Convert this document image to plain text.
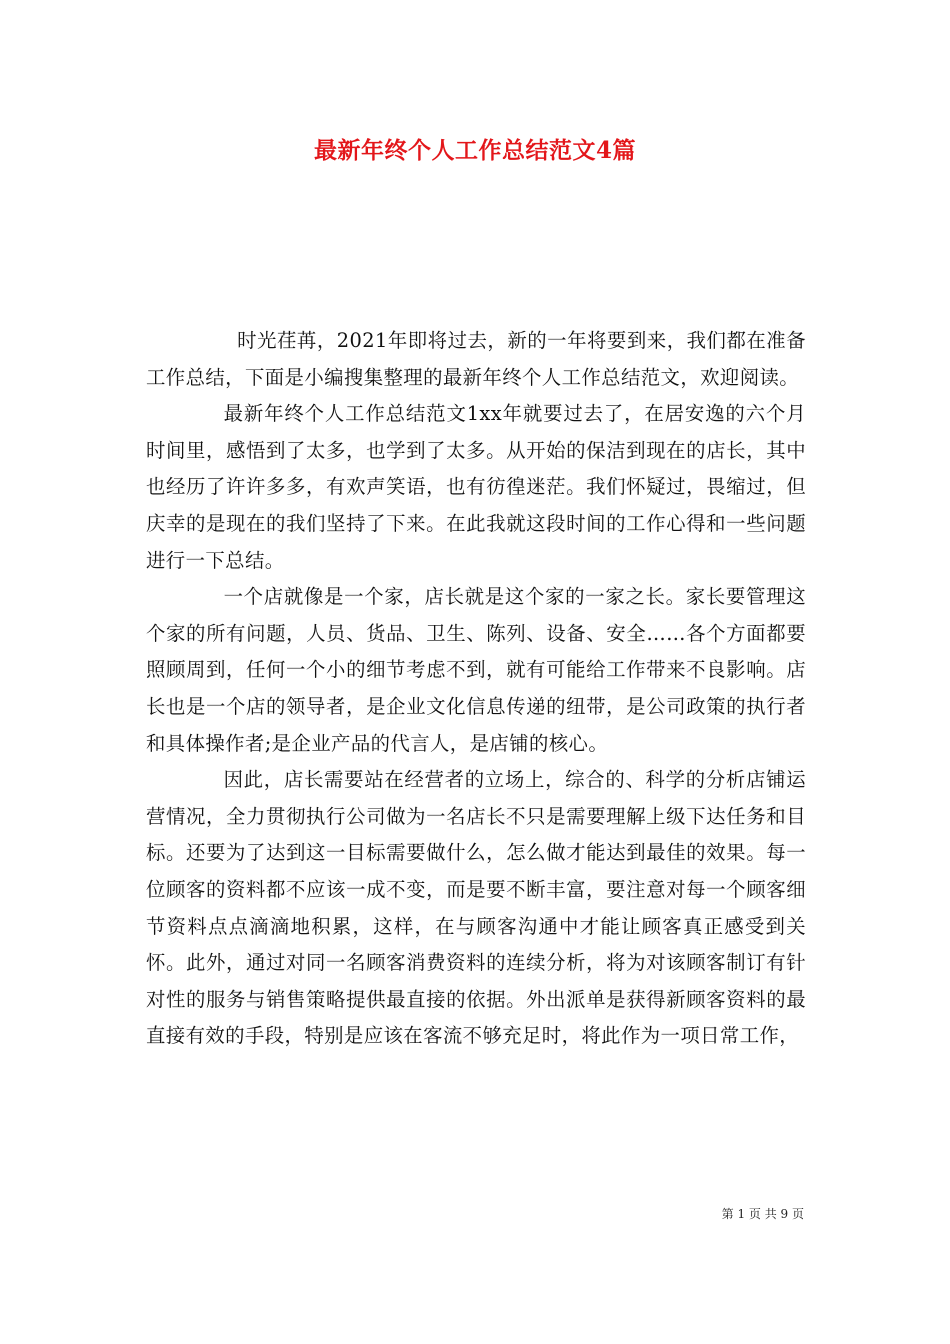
最新年终个人工作总结范文4篇

时光荏苒，2021年即将过去，新的一年将要到来，我们都在准备工作总结，下面是小编搜集整理的最新年终个人工作总结范文，欢迎阅读。

最新年终个人工作总结范文1xx年就要过去了，在居安逸的六个月时间里，感悟到了太多，也学到了太多。从开始的保洁到现在的店长，其中也经历了许许多多，有欢声笑语，也有彷徨迷茫。我们怀疑过，畏缩过，但庆幸的是现在的我们坚持了下来。在此我就这段时间的工作心得和一些问题进行一下总结。

一个店就像是一个家，店长就是这个家的一家之长。家长要管理这个家的所有问题，人员、货品、卫生、陈列、设备、安全……各个方面都要照顾周到，任何一个小的细节考虑不到，就有可能给工作带来不良影响。店长也是一个店的领导者，是企业文化信息传递的纽带，是公司政策的执行者和具体操作者;是企业产品的代言人，是店铺的核心。

因此，店长需要站在经营者的立场上，综合的、科学的分析店铺运营情况，全力贯彻执行公司做为一名店长不只是需要理解上级下达任务和目标。还要为了达到这一目标需要做什么，怎么做才能达到最佳的效果。每一位顾客的资料都不应该一成不变，而是要不断丰富，要注意对每一个顾客细节资料点点滴滴地积累，这样，在与顾客沟通中才能让顾客真正感受到关怀。此外，通过对同一名顾客消费资料的连续分析，将为对该顾客制订有针对性的服务与销售策略提供最直接的依据。外出派单是获得新顾客资料的最直接有效的手段，特别是应该在客流不够充足时，将此作为一项日常工作，

第 1 页 共 9 页
